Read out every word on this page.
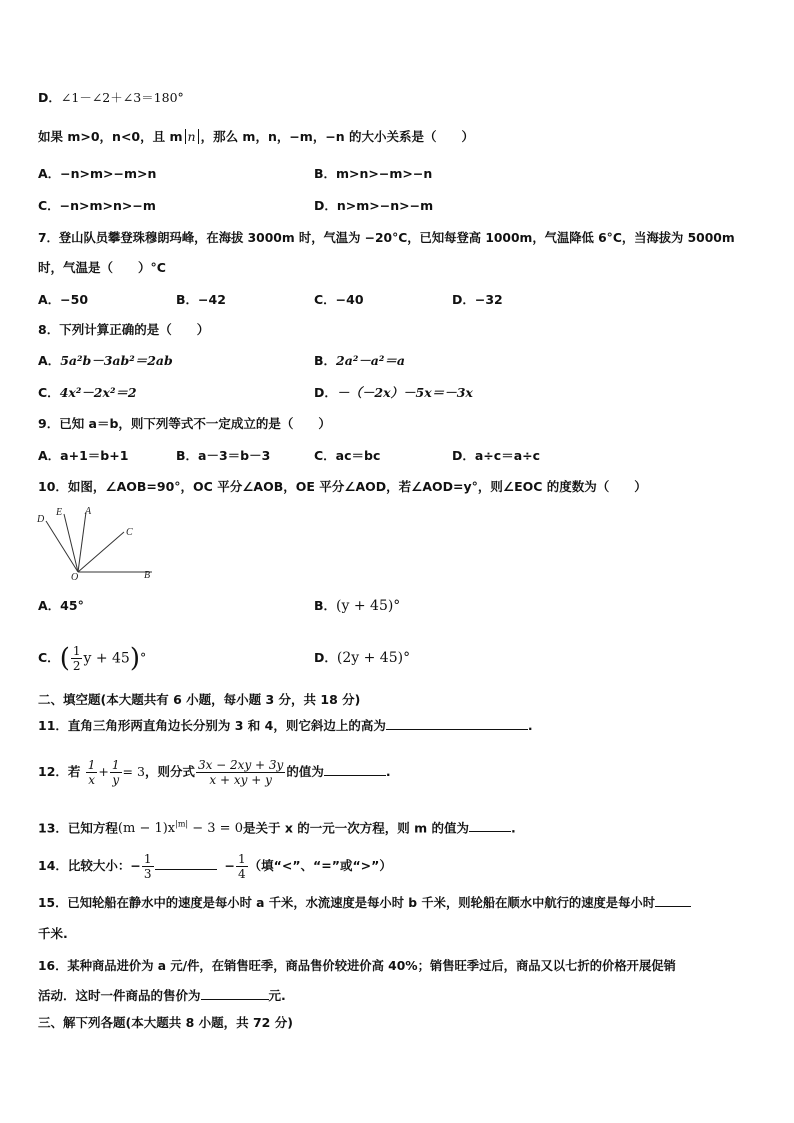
D．∠1－∠2＋∠3＝180°
如果 m>0，n<0，且 m n ，那么 m，n，−m，−n 的大小关系是（　　）
A．−n>m>−m>n	B．m>n>−m>−n
C．−n>m>n>−m	D．n>m>−n>−m
7．登山队员攀登珠穆朗玛峰，在海拔 3000m 时，气温为 −20°C，已知每登高 1000m，气温降低 6°C，当海拔为 5000m
时，气温是（　　）°C
A．−50	B．−42	C．−40	D．−32
8．下列计算正确的是（　　）
A．5a²b－3ab²＝2ab	B．2a²－a²＝a
C．4x²－2x²＝2	D．－（－2x）－5x＝－3x
9．已知 a＝b，则下列等式不一定成立的是（　　）
A．a+1＝b+1	B．a－3＝b－3	C．ac＝bc	D．a÷c＝a÷c
10．如图，∠AOB=90°，OC 平分∠AOB，OE 平分∠AOD，若∠AOD=y°，则∠EOC 的度数为（　　）
D
E A
C
O	B
A．45°	B．(y + 45)°
C．( $\frac{1}{2}$ y + 45)°	D．(2y + 45)°
二、填空题(本大题共有 6 小题，每小题 3 分，共 18 分)
11．直角三角形两直角边长分别为 3 和 4，则它斜边上的高为	.
12．若 $\frac{1}{x} + \frac{1}{y} = 3$，则分式 $\frac{3x - 2xy + 3y}{x + xy + y}$ 的值为	.
13．已知方程$(m - 1)x^{|m|} - 3 = 0$是关于 x 的一元一次方程，则 m 的值为	.
14．比较大小：− $\frac{1}{3}$	− $\frac{1}{4}$ （填“<”、“=”或“>”）
15．已知轮船在静水中的速度是每小时 a 千米，水流速度是每小时 b 千米，则轮船在顺水中航行的速度是每小时
千米.
16．某种商品进价为 a 元/件，在销售旺季，商品售价较进价高 40%；销售旺季过后，商品又以七折的价格开展促销
活动．这时一件商品的售价为	元.
三、解下列各题(本大题共 8 小题，共 72 分)
